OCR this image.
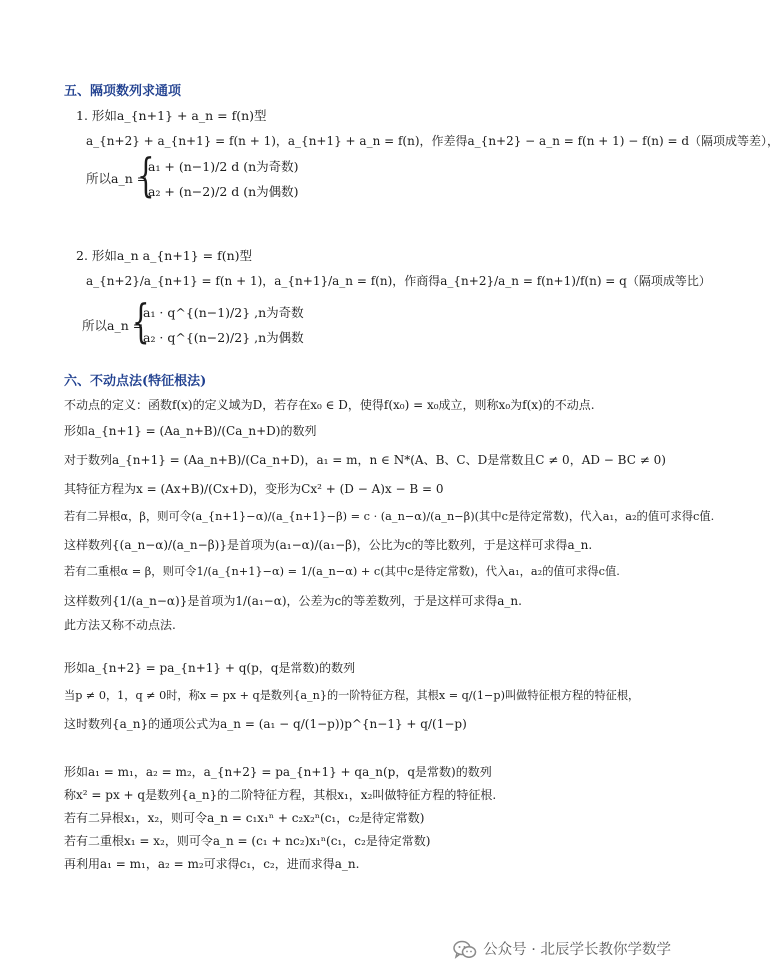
五、隔项数列求通项
1. 形如a_{n+1} + a_n = f(n)型
a_{n+2} + a_{n+1} = f(n + 1)，a_{n+1} + a_n = f(n)，作差得a_{n+2} − a_n = f(n + 1) − f(n) = d（隔项成等差），
所以a_n =
{
a₁ + (n−1)/2 d (n为奇数)
a₂ + (n−2)/2 d (n为偶数)
2. 形如a_n a_{n+1} = f(n)型
a_{n+2}/a_{n+1} = f(n + 1)，a_{n+1}/a_n = f(n)，作商得a_{n+2}/a_n = f(n+1)/f(n) = q（隔项成等比）
所以a_n =
{
a₁ · q^{(n−1)/2} ,n为奇数
a₂ · q^{(n−2)/2} ,n为偶数
六、不动点法(特征根法)
不动点的定义：函数f(x)的定义域为D，若存在x₀ ∈ D，使得f(x₀) = x₀成立，则称x₀为f(x)的不动点.
形如a_{n+1} = (Aa_n+B)/(Ca_n+D)的数列
对于数列a_{n+1} = (Aa_n+B)/(Ca_n+D)，a₁ = m，n ∈ N*(A、B、C、D是常数且C ≠ 0，AD − BC ≠ 0)
其特征方程为x = (Ax+B)/(Cx+D)，变形为Cx² + (D − A)x − B = 0
若有二异根α，β，则可令(a_{n+1}−α)/(a_{n+1}−β) = c · (a_n−α)/(a_n−β)(其中c是待定常数)，代入a₁，a₂的值可求得c值.
这样数列{(a_n−α)/(a_n−β)}是首项为(a₁−α)/(a₁−β)，公比为c的等比数列，于是这样可求得a_n.
若有二重根α = β，则可令1/(a_{n+1}−α) = 1/(a_n−α) + c(其中c是待定常数)，代入a₁，a₂的值可求得c值.
这样数列{1/(a_n−α)}是首项为1/(a₁−α)，公差为c的等差数列，于是这样可求得a_n.
此方法又称不动点法.
形如a_{n+2} = pa_{n+1} + q(p，q是常数)的数列
当p ≠ 0，1，q ≠ 0时，称x = px + q是数列{a_n}的一阶特征方程，其根x = q/(1−p)叫做特征根方程的特征根，
这时数列{a_n}的通项公式为a_n = (a₁ − q/(1−p))p^{n−1} + q/(1−p)
形如a₁ = m₁，a₂ = m₂，a_{n+2} = pa_{n+1} + qa_n(p，q是常数)的数列
称x² = px + q是数列{a_n}的二阶特征方程，其根x₁，x₂叫做特征方程的特征根.
若有二异根x₁，x₂，则可令a_n = c₁x₁ⁿ + c₂x₂ⁿ(c₁，c₂是待定常数)
若有二重根x₁ = x₂，则可令a_n = (c₁ + nc₂)x₁ⁿ(c₁，c₂是待定常数)
再利用a₁ = m₁，a₂ = m₂可求得c₁，c₂，进而求得a_n.
公众号 · 北辰学长教你学数学
